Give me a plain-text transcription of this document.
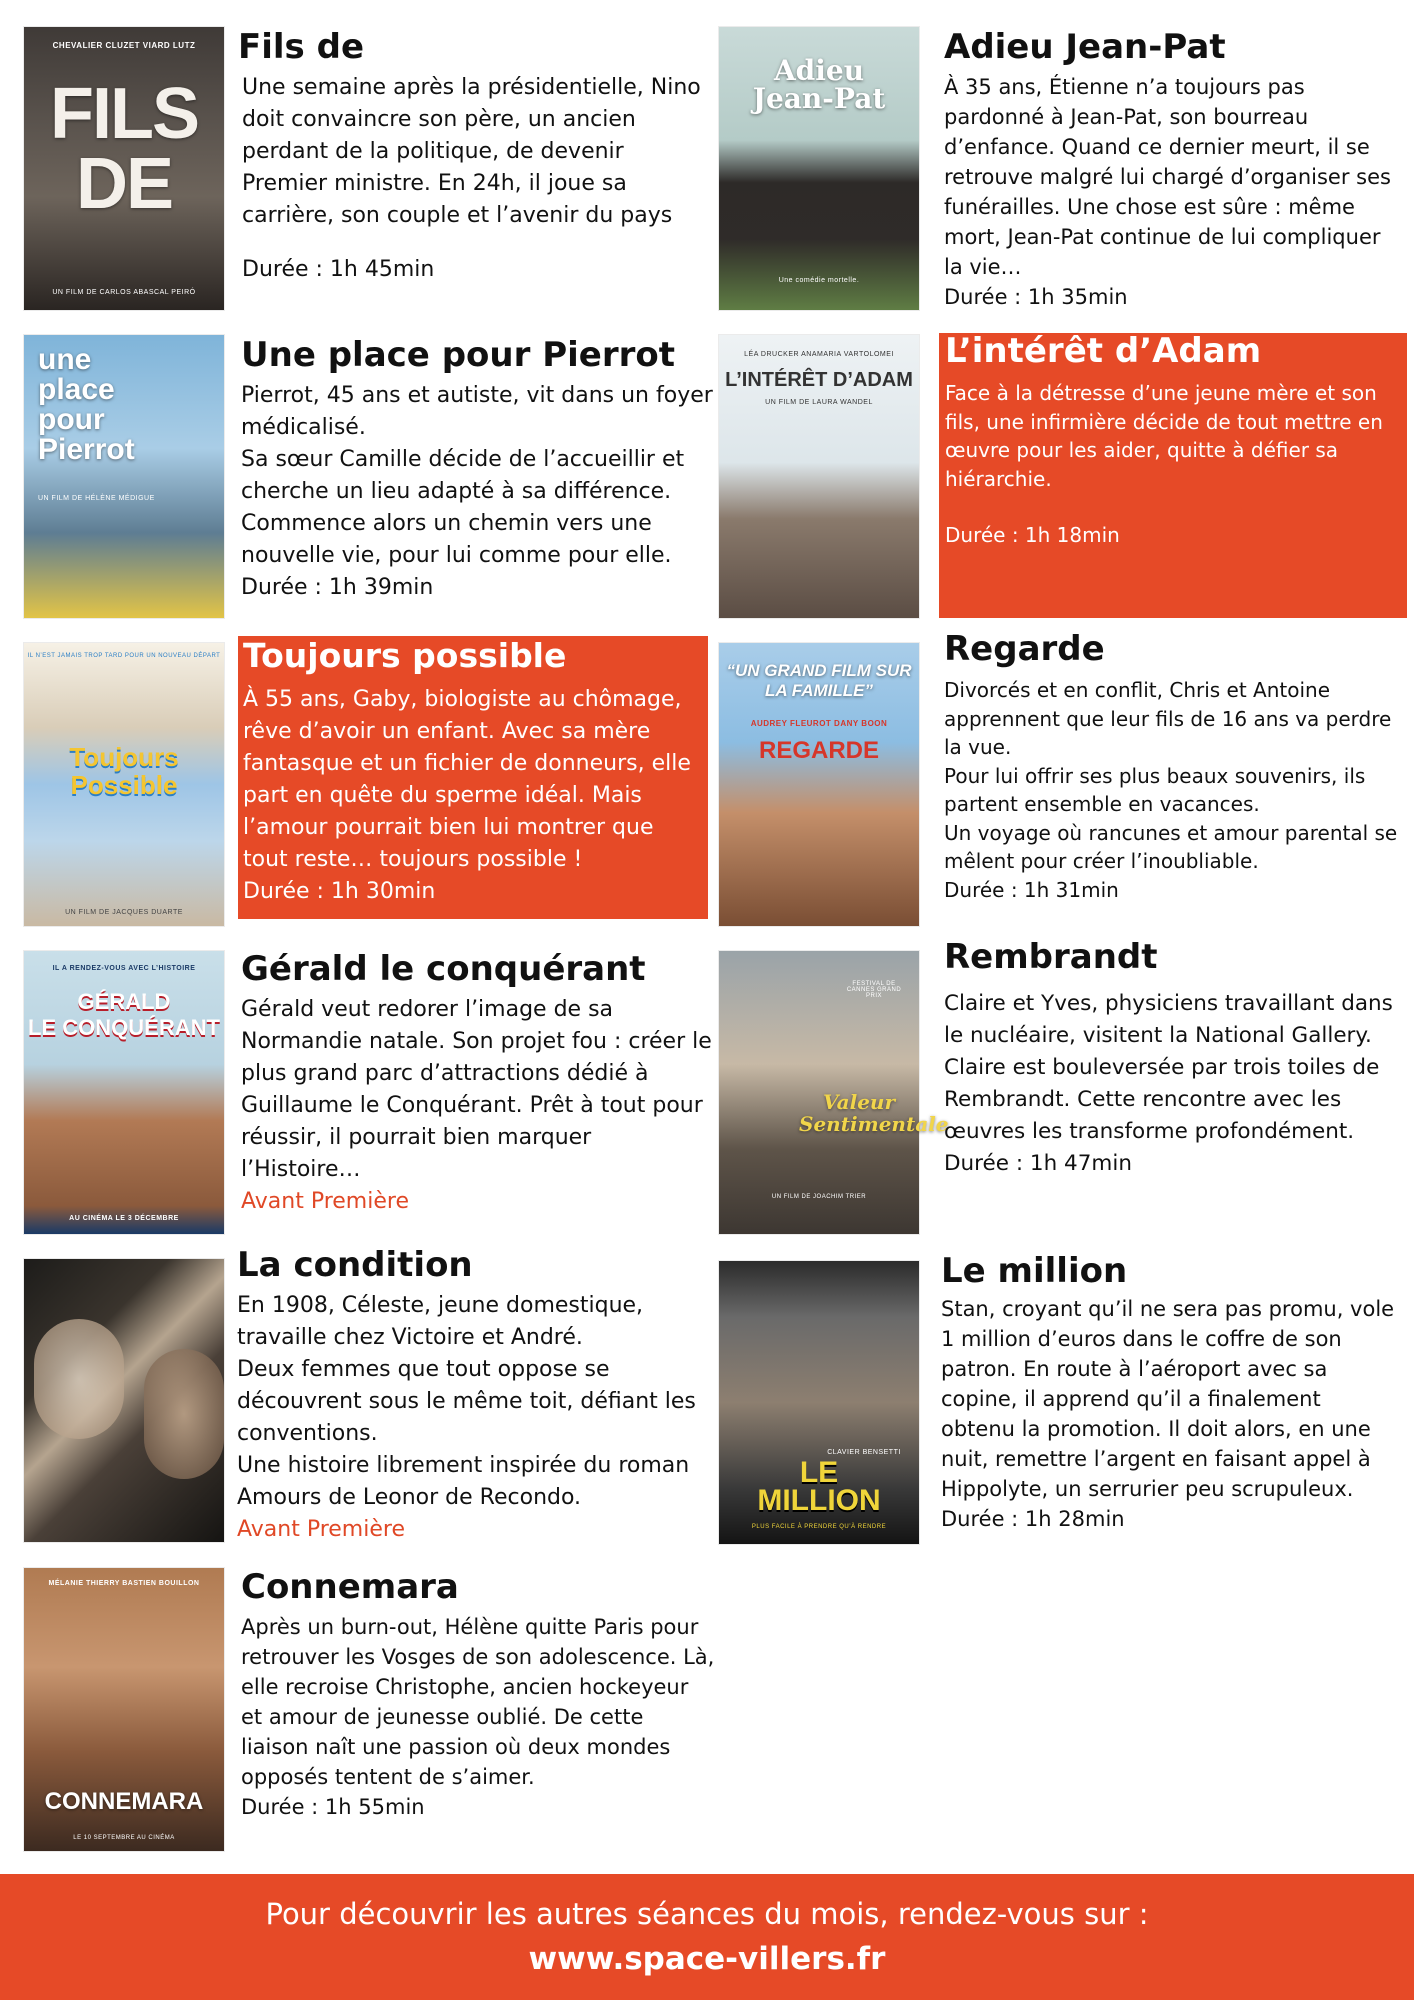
CHEVALIER CLUZET VIARD LUTZ
FILS
DE
UN FILM DE CARLOS ABASCAL PEIRÓ
Fils de

Une semaine après la présidentielle, Nino doit convaincre son père, un ancien perdant de la politique, de devenir Premier ministre. En 24h, il joue sa carrière, son couple et l’avenir du pays

Durée : 1h 45min

Adieu
Jean-Pat
Une comédie mortelle.
Adieu Jean-Pat

À 35 ans, Étienne n’a toujours pas pardonné à Jean-Pat, son bourreau d’enfance. Quand ce dernier meurt, il se retrouve malgré lui chargé d’organiser ses funérailles. Une chose est sûre : même mort, Jean-Pat continue de lui compliquer la vie…

Durée : 1h 35min

une
place
pour
Pierrot
UN FILM DE HÉLÈNE MÉDIGUE
Une place pour Pierrot

Pierrot, 45 ans et autiste, vit dans un foyer médicalisé.
Sa sœur Camille décide de l’accueillir et cherche un lieu adapté à sa différence.
Commence alors un chemin vers une nouvelle vie, pour lui comme pour elle.

Durée : 1h 39min

LÉA DRUCKER ANAMARIA VARTOLOMEI
L’INTÉRÊT D’ADAM
UN FILM DE LAURA WANDEL
L’intérêt d’Adam

Face à la détresse d’une jeune mère et son fils, une infirmière décide de tout mettre en œuvre pour les aider, quitte à défier sa hiérarchie.

Durée : 1h 18min

IL N’EST JAMAIS TROP TARD POUR UN NOUVEAU DÉPART
Toujours
Possible
UN FILM DE JACQUES DUARTE
Toujours possible

À 55 ans, Gaby, biologiste au chômage, rêve d’avoir un enfant. Avec sa mère fantasque et un fichier de donneurs, elle part en quête du sperme idéal. Mais l’amour pourrait bien lui montrer que tout reste… toujours possible !

Durée : 1h 30min

“UN GRAND FILM SUR LA FAMILLE”
AUDREY FLEUROT DANY BOON
REGARDE
Regarde

Divorcés et en conflit, Chris et Antoine apprennent que leur fils de 16 ans va perdre la vue.
Pour lui offrir ses plus beaux souvenirs, ils partent ensemble en vacances.
Un voyage où rancunes et amour parental se mêlent pour créer l’inoubliable.

Durée : 1h 31min

IL A RENDEZ-VOUS AVEC L’HISTOIRE
GÉRALD
LE CONQUÉRANT
AU CINÉMA LE 3 DÉCEMBRE
Gérald le conquérant

Gérald veut redorer l’image de sa Normandie natale. Son projet fou : créer le plus grand parc d’attractions dédié à Guillaume le Conquérant. Prêt à tout pour réussir, il pourrait bien marquer l’Histoire…

Avant Première

FESTIVAL DE CANNES GRAND PRIX
Valeur
Sentimentale
UN FILM DE JOACHIM TRIER
Rembrandt

Claire et Yves, physiciens travaillant dans le nucléaire, visitent la National Gallery.
Claire est bouleversée par trois toiles de Rembrandt. Cette rencontre avec les œuvres les transforme profondément.

Durée : 1h 47min

La condition

En 1908, Céleste, jeune domestique, travaille chez Victoire et André.
Deux femmes que tout oppose se découvrent sous le même toit, défiant les conventions.
Une histoire librement inspirée du roman Amours de Leonor de Recondo.

Avant Première

CLAVIER BENSETTI
LE
MILLION
PLUS FACILE À PRENDRE QU’À RENDRE
Le million

Stan, croyant qu’il ne sera pas promu, vole 1 million d’euros dans le coffre de son patron. En route à l’aéroport avec sa copine, il apprend qu’il a finalement obtenu la promotion. Il doit alors, en une nuit, remettre l’argent en faisant appel à Hippolyte, un serrurier peu scrupuleux.

Durée : 1h 28min

MÉLANIE THIERRY BASTIEN BOUILLON
CONNEMARA
LE 10 SEPTEMBRE AU CINÉMA
Connemara

Après un burn-out, Hélène quitte Paris pour retrouver les Vosges de son adolescence. Là, elle recroise Christophe, ancien hockeyeur et amour de jeunesse oublié. De cette liaison naît une passion où deux mondes opposés tentent de s’aimer.

Durée : 1h 55min

Pour découvrir les autres séances du mois, rendez-vous sur :
www.space-villers.fr
